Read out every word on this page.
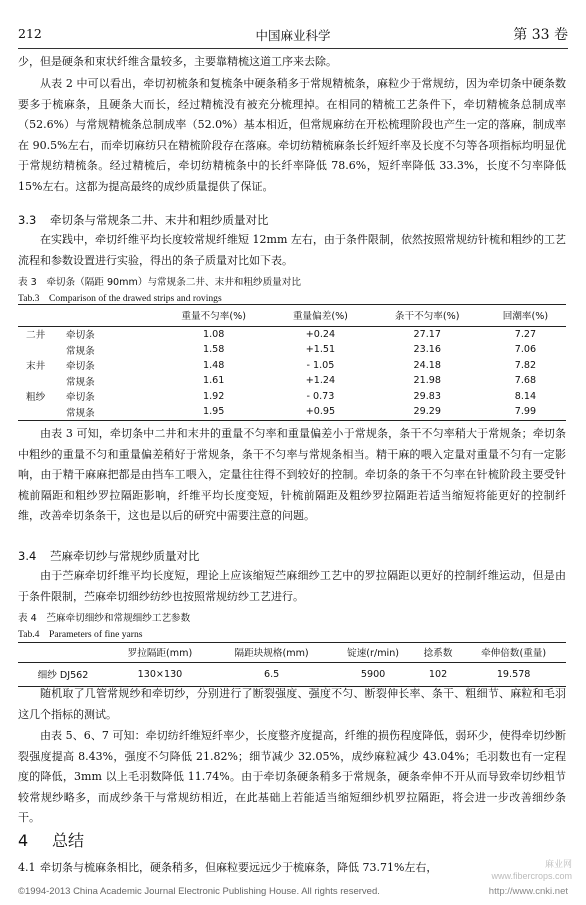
212	中国麻业科学	第 33 卷

少，但是硬条和束状纤维含量较多，主要靠精梳这道工序来去除。

从表 2 中可以看出，牵切初梳条和复梳条中硬条稍多于常规精梳条，麻粒少于常规纺，因为牵切条中硬条数要多于梳麻条，且硬条大而长，经过精梳没有被充分梳理掉。在相同的精梳工艺条件下，牵切精梳条总制成率（52.6%）与常规精梳条总制成率（52.0%）基本相近，但常规麻纺在开松梳理阶段也产生一定的落麻，制成率在 90.5%左右，而牵切麻纺只在精梳阶段存在落麻。牵切纺精梳麻条长纤短纤率及长度不匀等各项指标均明显优于常规纺精梳条。经过精梳后，牵切纺精梳条中的长纤率降低 78.6%，短纤率降低 33.3%，长度不匀率降低 15%左右。这都为提高最终的成纱质量提供了保证。

3.3 牵切条与常规条二井、末井和粗纱质量对比

在实践中，牵切纤维平均长度较常规纤维短 12mm 左右，由于条件限制，依然按照常规纺针梳和粗纱的工艺流程和参数设置进行实验，得出的条子质量对比如下表。

表 3　牵切条（隔距 90mm）与常规条二井、末井和粗纱质量对比
Tab.3　Comparison of the drawed strips and rovings
		重量不匀率(%)	重量偏差(%)	条干不匀率(%)	回潮率(%)
二井	牵切条	1.08	+0.24	27.17	7.27
	常规条	1.58	+1.51	23.16	7.06
末井	牵切条	1.48	- 1.05	24.18	7.82
	常规条	1.61	+1.24	21.98	7.68
粗纱	牵切条	1.92	- 0.73	29.83	8.14
	常规条	1.95	+0.95	29.29	7.99

由表 3 可知，牵切条中二井和末井的重量不匀率和重量偏差小于常规条，条干不匀率稍大于常规条；牵切条中粗纱的重量不匀和重量偏差稍好于常规条，条干不匀率与常规条相当。精干麻的喂入定量对重量不匀有一定影响，由于精干麻麻把都是由挡车工喂入，定量往往得不到较好的控制。牵切条的条干不匀率在针梳阶段主要受针梳前隔距和粗纱罗拉隔距影响，纤维平均长度变短，针梳前隔距及粗纱罗拉隔距若适当缩短将能更好的控制纤维，改善牵切条条干，这也是以后的研究中需要注意的问题。

3.4 苎麻牵切纱与常规纱质量对比

由于苎麻牵切纤维平均长度短，理论上应该缩短苎麻细纱工艺中的罗拉隔距以更好的控制纤维运动，但是由于条件限制，苎麻牵切细纱纺纱也按照常规纺纱工艺进行。

表 4　苎麻牵切细纱和常规细纱工艺参数
Tab.4　Parameters of fine yarns
	罗拉隔距(mm)	隔距块规格(mm)	锭速(r/min)	捻系数	牵伸倍数(重量)
细纱 DJ562	130×130	6.5	5900	102	19.578

随机取了几管常规纱和牵切纱，分别进行了断裂强度、强度不匀、断裂伸长率、条干、粗细节、麻粒和毛羽这几个指标的测试。

由表 5、6、7 可知：牵切纺纤维短纤率少，长度整齐度提高，纤维的损伤程度降低，弱环少，使得牵切纱断裂强度提高 8.43%，强度不匀降低 21.82%；细节减少 32.05%，成纱麻粒减少 43.04%；毛羽数也有一定程度的降低，3mm 以上毛羽数降低 11.74%。由于牵切条硬条稍多于常规条，硬条牵伸不开从而导致牵切纱粗节较常规纱略多，而成纱条干与常规纺相近，在此基础上若能适当缩短细纱机罗拉隔距，将会进一步改善细纱条干。

4 总结
4.1 牵切条与梳麻条相比，硬条稍多，但麻粒要远远少于梳麻条，降低 73.71%左右，	麻业网
www.fibercrops.com
©1994-2013 China Academic Journal Electronic Publishing House. All rights reserved.	http://www.cnki.net
